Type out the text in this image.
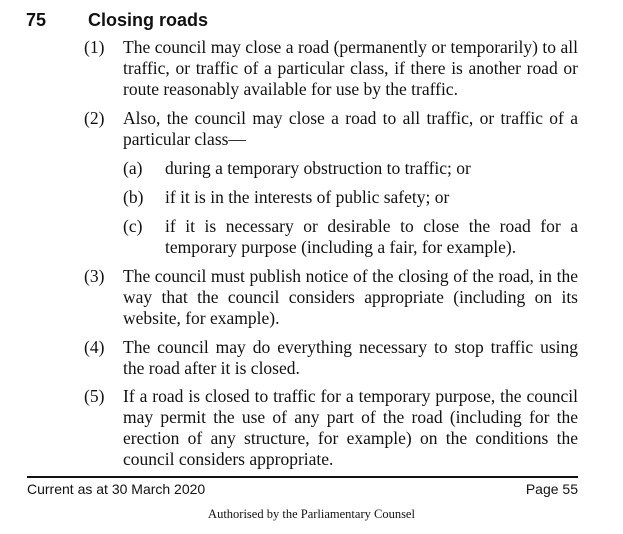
75 Closing roads
(1) The council may close a road (permanently or temporarily) to all traffic, or traffic of a particular class, if there is another road or route reasonably available for use by the traffic.
(2) Also, the council may close a road to all traffic, or traffic of a particular class—
(a) during a temporary obstruction to traffic; or
(b) if it is in the interests of public safety; or
(c) if it is necessary or desirable to close the road for a temporary purpose (including a fair, for example).
(3) The council must publish notice of the closing of the road, in the way that the council considers appropriate (including on its website, for example).
(4) The council may do everything necessary to stop traffic using the road after it is closed.
(5) If a road is closed to traffic for a temporary purpose, the council may permit the use of any part of the road (including for the erection of any structure, for example) on the conditions the council considers appropriate.
Current as at 30 March 2020	Page 55
Authorised by the Parliamentary Counsel
